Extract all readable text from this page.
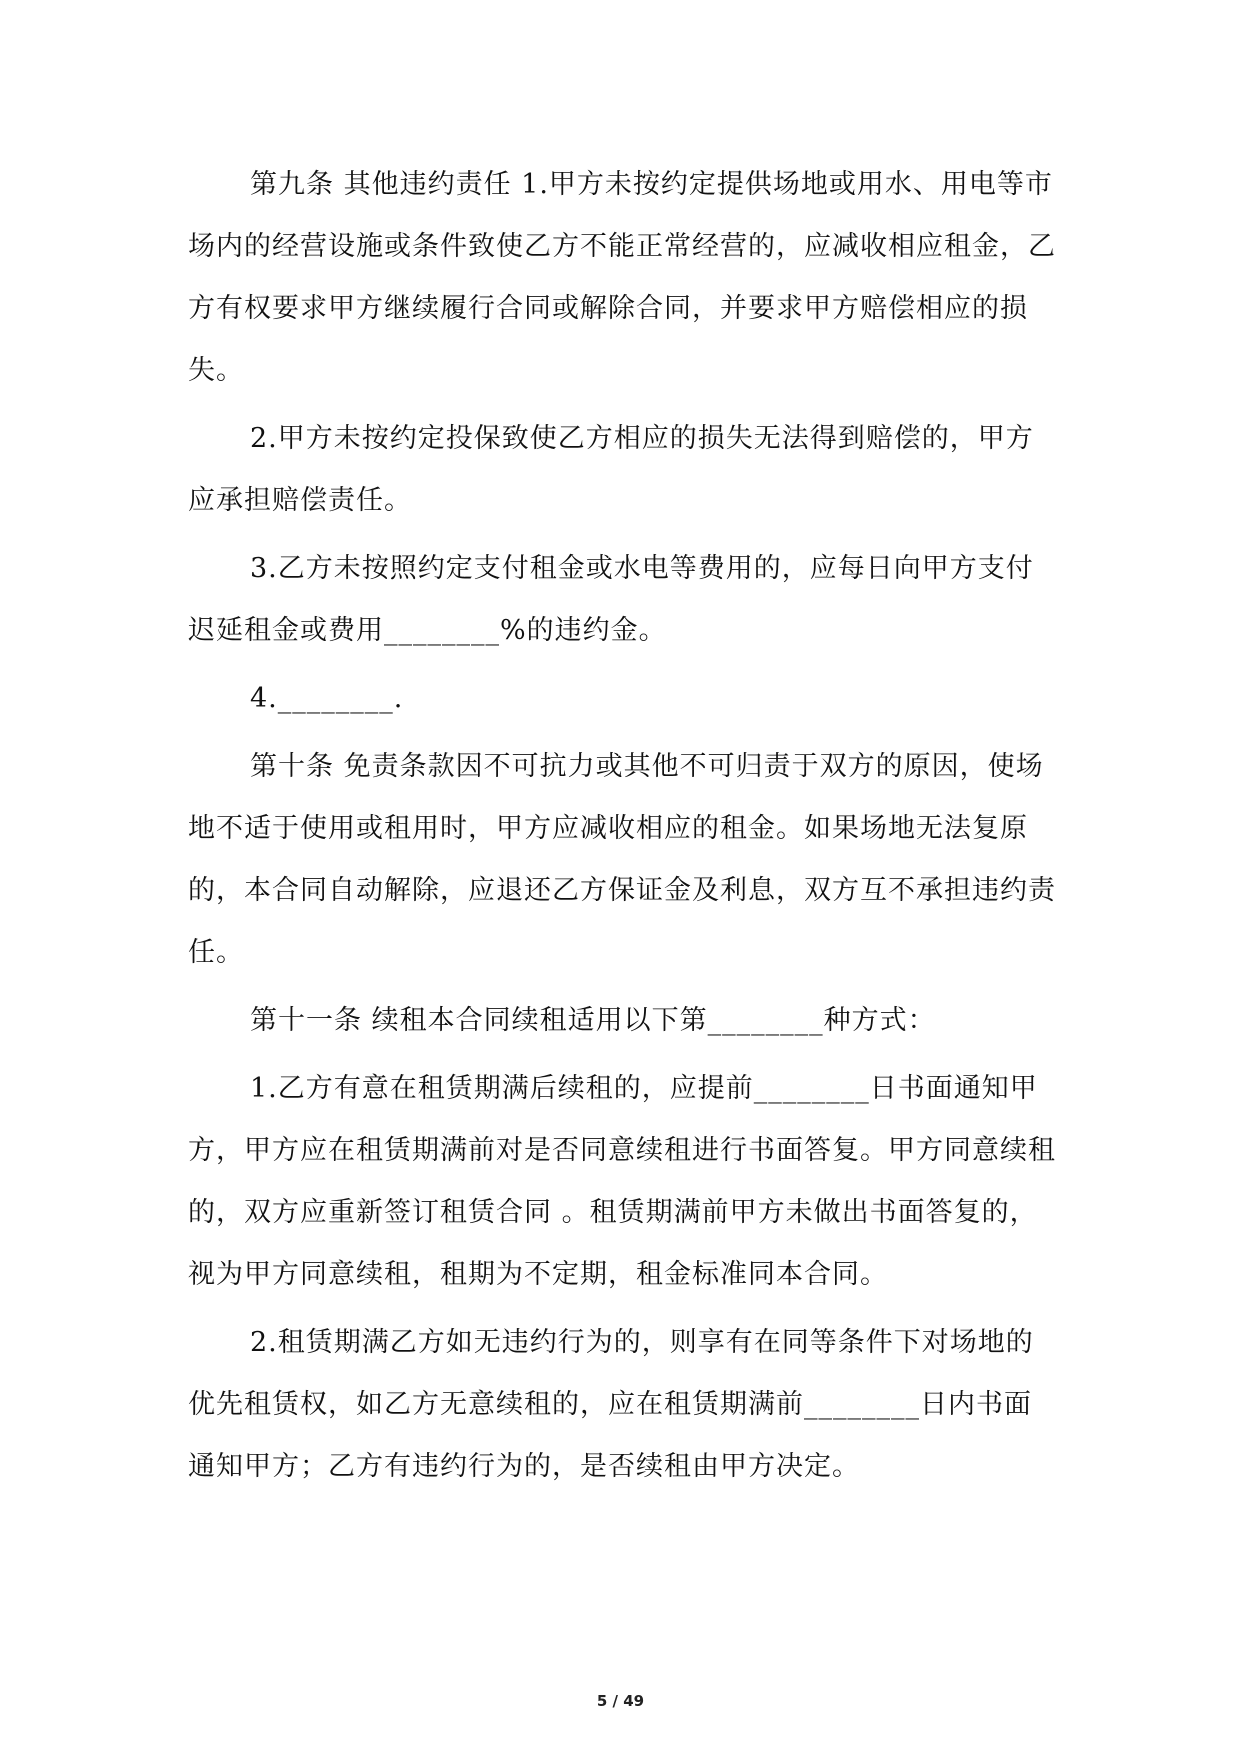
第九条 其他违约责任 1.甲方未按约定提供场地或用水、用电等市场内的经营设施或条件致使乙方不能正常经营的，应减收相应租金，乙方有权要求甲方继续履行合同或解除合同，并要求甲方赔偿相应的损失。

2.甲方未按约定投保致使乙方相应的损失无法得到赔偿的，甲方应承担赔偿责任。

3.乙方未按照约定支付租金或水电等费用的，应每日向甲方支付迟延租金或费用________%的违约金。

4.________.

第十条 免责条款因不可抗力或其他不可归责于双方的原因，使场地不适于使用或租用时，甲方应减收相应的租金。如果场地无法复原的，本合同自动解除，应退还乙方保证金及利息，双方互不承担违约责任。

第十一条 续租本合同续租适用以下第________种方式：

1.乙方有意在租赁期满后续租的，应提前________日书面通知甲方，甲方应在租赁期满前对是否同意续租进行书面答复。甲方同意续租的，双方应重新签订租赁合同 。租赁期满前甲方未做出书面答复的，视为甲方同意续租，租期为不定期，租金标准同本合同。

2.租赁期满乙方如无违约行为的，则享有在同等条件下对场地的优先租赁权，如乙方无意续租的，应在租赁期满前________日内书面通知甲方；乙方有违约行为的，是否续租由甲方决定。

5 / 49
